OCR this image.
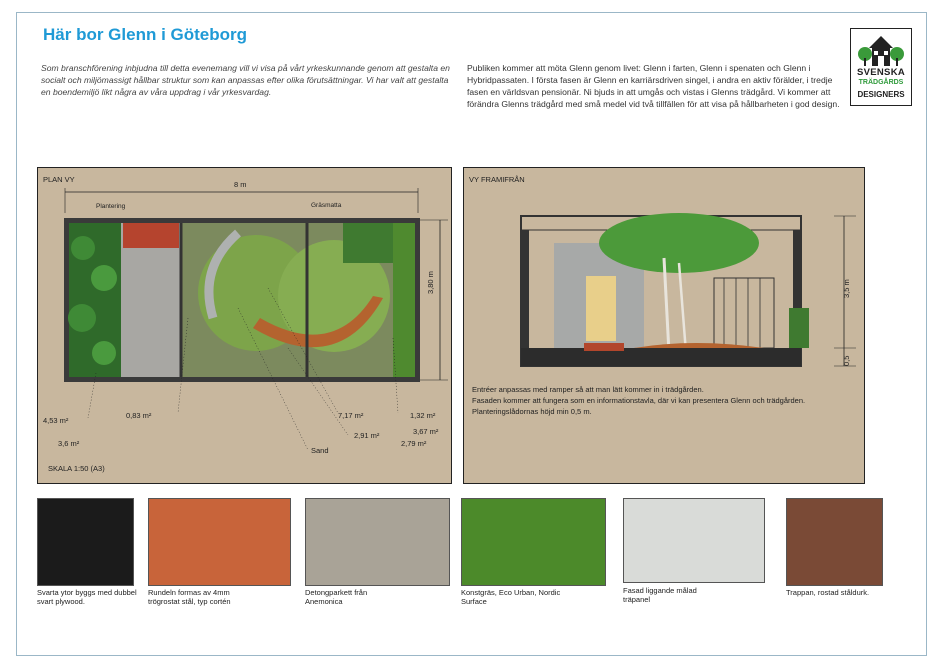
Här bor Glenn i Göteborg
Som branschförening inbjudna till detta evenemang vill vi visa på vårt yrkeskunnande genom att gestalta en socialt och miljömassigt hållbar struktur som kan anpassas efter olika förutsättningar. Vi har valt att gestalta en boendemiljö likt några av våra uppdrag i vår yrkesvardag.
Publiken kommer att möta Glenn genom livet: Glenn i farten, Glenn i spenaten och Glenn i Hybridpassaten. I första fasen är Glenn en karriärsdriven singel, i andra en aktiv förälder, i tredje fasen en världsvan pensionär. Ni bjuds in att umgås och vistas i Glenns trädgård. Vi kommer att förändra Glenns trädgård med små medel vid två tillfällen för att visa på hållbarheten i god design.
SVENSKA
TRÄDGÅRDS
DESIGNERS
PLAN VY
8 m
Plantering	Gräsmatta
3,80 m
4,53 m²
0,83 m²
3,6 m²
7,17 m²
2,91 m²
1,32 m²
3,67 m²
2,79 m²
Sand
SKALA 1:50 (A3)
VY FRAMIFRÅN
3,5 m
0,5
Entréer anpassas med ramper så att man lätt kommer in i trädgården.
Fasaden kommer att fungera som en informationstavla, där vi kan presentera Glenn och trädgården.
Planteringslådornas höjd min 0,5 m.
Svarta ytor byggs med dubbel svart plywood.
Rundeln formas av 4mm trögrostat stål, typ cortén
Detongparkett från Anemonica
Konstgräs, Eco Urban, Nordic Surface
Fasad liggande målad träpanel
Trappan, rostad ståldurk.
